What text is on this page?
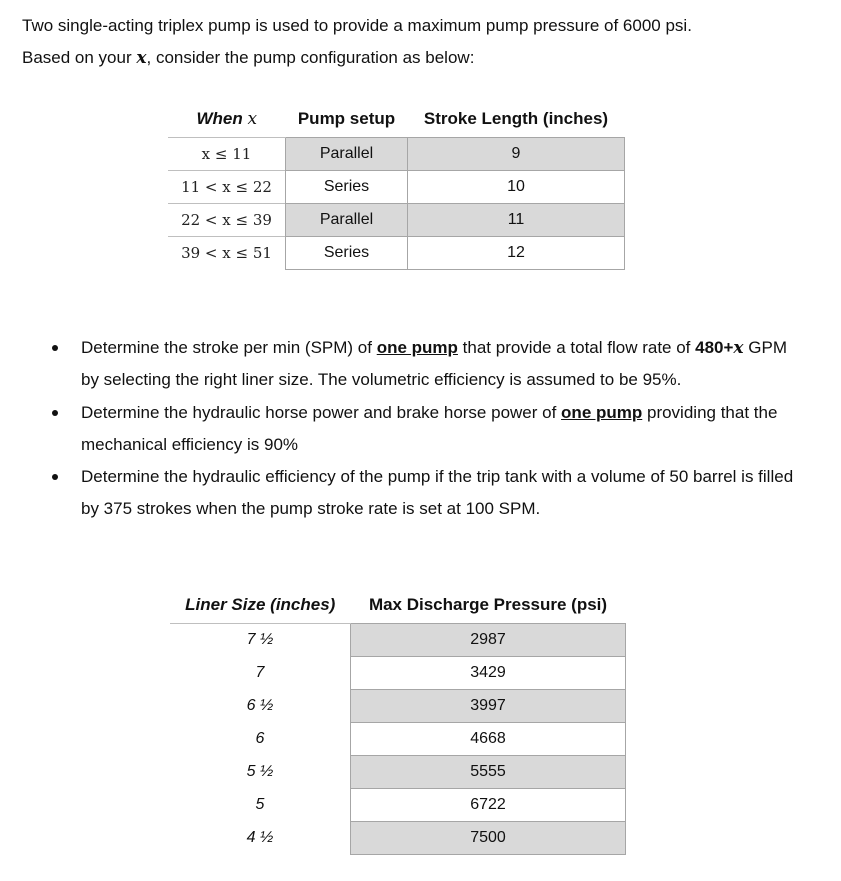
Two single-acting triplex pump is used to provide a maximum pump pressure of 6000 psi.

Based on your x, consider the pump configuration as below:

When x	Pump setup	Stroke Length (inches)
x ≤ 11	Parallel	9
11 < x ≤ 22	Series	10
22 < x ≤ 39	Parallel	11
39 < x ≤ 51	Series	12
Determine the stroke per min (SPM) of one pump that provide a total flow rate of 480+x GPM by selecting the right liner size. The volumetric efficiency is assumed to be 95%.
Determine the hydraulic horse power and brake horse power of one pump providing that the mechanical efficiency is 90%
Determine the hydraulic efficiency of the pump if the trip tank with a volume of 50 barrel is filled by 375 strokes when the pump stroke rate is set at 100 SPM.
Liner Size (inches)	Max Discharge Pressure (psi)
7 ½	2987
7	3429
6 ½	3997
6	4668
5 ½	5555
5	6722
4 ½	7500
